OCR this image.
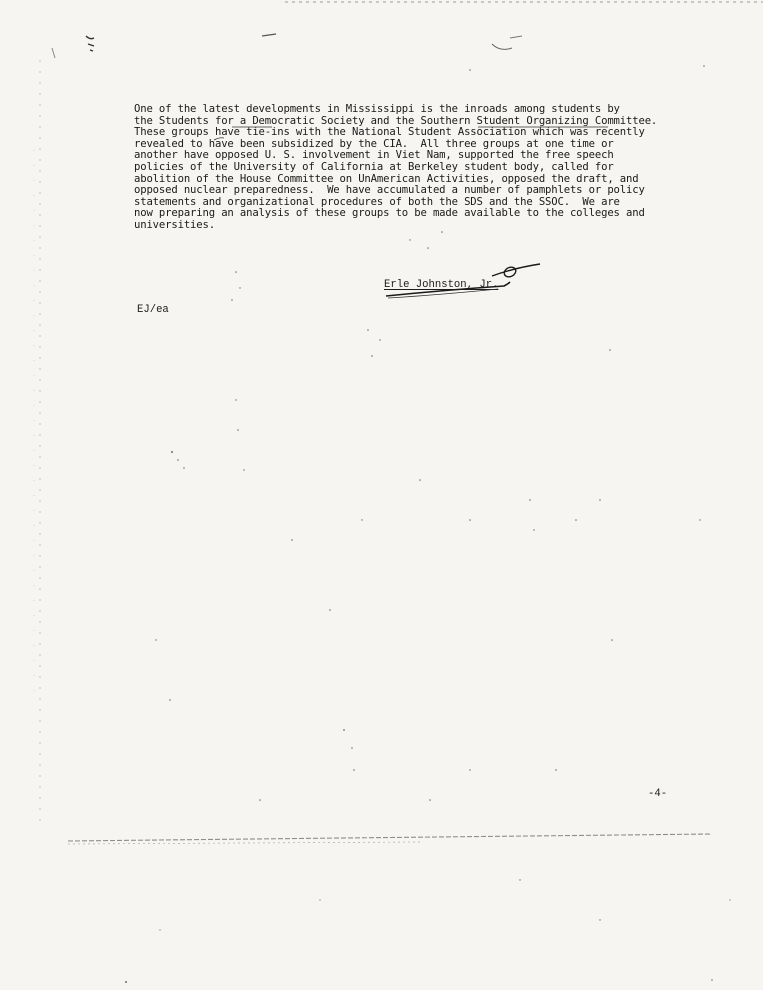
One of the latest developments in Mississippi is the inroads among students by
the Students for a Democratic Society and the Southern Student Organizing Committee.
These groups have tie-ins with the National Student Association which was recently
revealed to have been subsidized by the CIA.  All three groups at one time or
another have opposed U. S. involvement in Viet Nam, supported the free speech
policies of the University of California at Berkeley student body, called for
abolition of the House Committee on UnAmerican Activities, opposed the draft, and
opposed nuclear preparedness.  We have accumulated a number of pamphlets or policy
statements and organizational procedures of both the SDS and the SSOC.  We are
now preparing an analysis of these groups to be made available to the colleges and
universities.
Erle Johnston, Jr.
EJ/ea
-4-
